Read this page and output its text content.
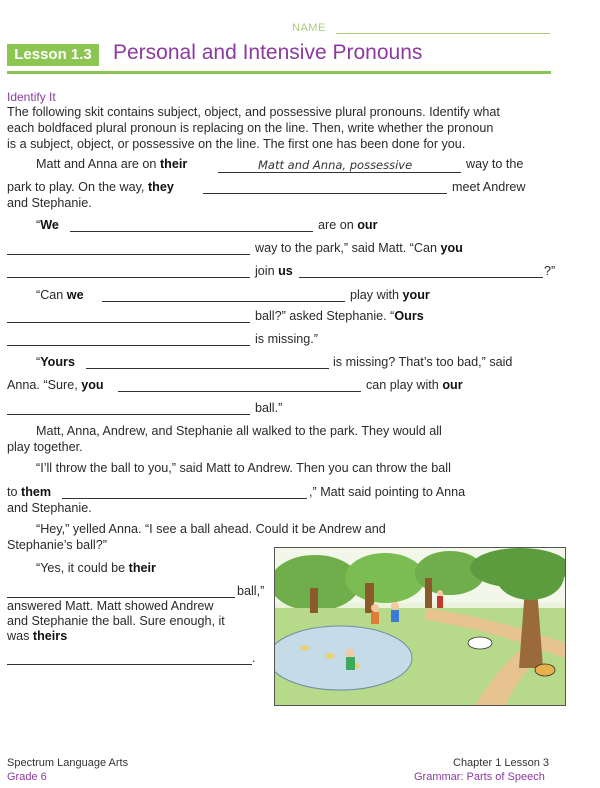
NAME
Lesson 1.3	Personal and Intensive Pronouns
Identify It
The following skit contains subject, object, and possessive plural pronouns. Identify what
each boldfaced plural pronoun is replacing on the line. Then, write whether the pronoun
is a subject, object, or possessive on the line. The first one has been done for you.
Matt and Anna are on their	Matt and Anna, possessive	way to the
park to play. On the way, they	meet Andrew
and Stephanie.
“We	are on our
way to the park,” said Matt. “Can you
join us	?”
“Can we	play with your
ball?” asked Stephanie. “Ours
is missing.”
“Yours	is missing? That’s too bad,” said
Anna. “Sure, you	can play with our
ball.”
Matt, Anna, Andrew, and Stephanie all walked to the park. They would all
play together.
“I’ll throw the ball to you,” said Matt to Andrew. Then you can throw the ball
to them	,” Matt said pointing to Anna
and Stephanie.
“Hey,” yelled Anna. “I see a ball ahead. Could it be Andrew and
Stephanie’s ball?”
“Yes, it could be their
ball,”
answered Matt. Matt showed Andrew
and Stephanie the ball. Sure enough, it
was theirs
.
Spectrum Language Arts
Grade 6
Chapter 1 Lesson 3
Grammar: Parts of Speech
